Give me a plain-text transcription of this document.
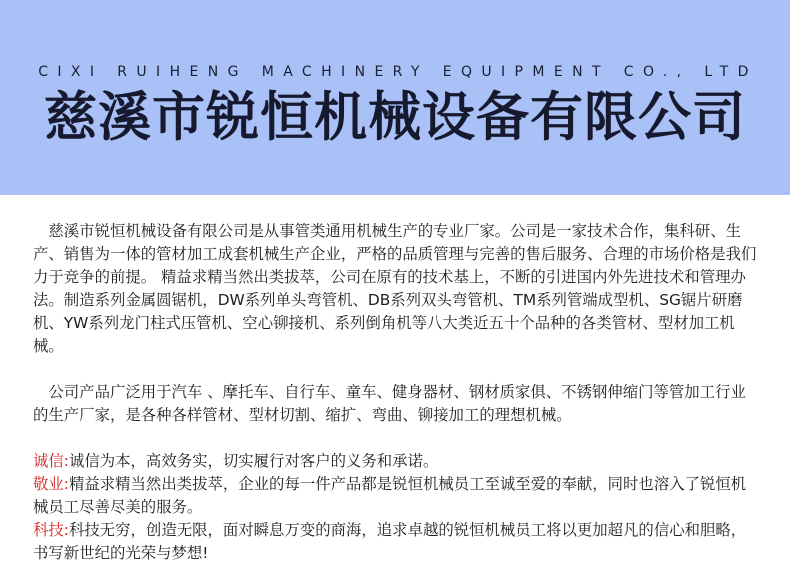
CIXI RUIHENG MACHINERY EQUIPMENT CO., LTD
慈溪市锐恒机械设备有限公司

慈溪市锐恒机械设备有限公司是从事管类通用机械生产的专业厂家。公司是一家技术合作，集科研、生产、销售为一体的管材加工成套机械生产企业，严格的品质管理与完善的售后服务、合理的市场价格是我们力于竞争的前提。 精益求精当然出类拔萃，公司在原有的技术基上，不断的引进国内外先进技术和管理办法。制造系列金属圆锯机，DW系列单头弯管机、DB系列双头弯管机、TM系列管端成型机、SG锯片研磨机、YW系列龙门柱式压管机、空心铆接机、系列倒角机等八大类近五十个品种的各类管材、型材加工机械。

公司产品广泛用于汽车 、摩托车、自行车、童车、健身器材、钢材质家俱、不锈钢伸缩门等管加工行业的生产厂家，是各种各样管材、型材切割、缩扩、弯曲、铆接加工的理想机械。

诚信:诚信为本，高效务实，切实履行对客户的义务和承诺。

敬业:精益求精当然出类拔萃，企业的每一件产品都是锐恒机械员工至诚至爱的奉献，同时也溶入了锐恒机械员工尽善尽美的服务。

科技:科技无穷，创造无限，面对瞬息万变的商海，追求卓越的锐恒机械员工将以更加超凡的信心和胆略，书写新世纪的光荣与梦想!
